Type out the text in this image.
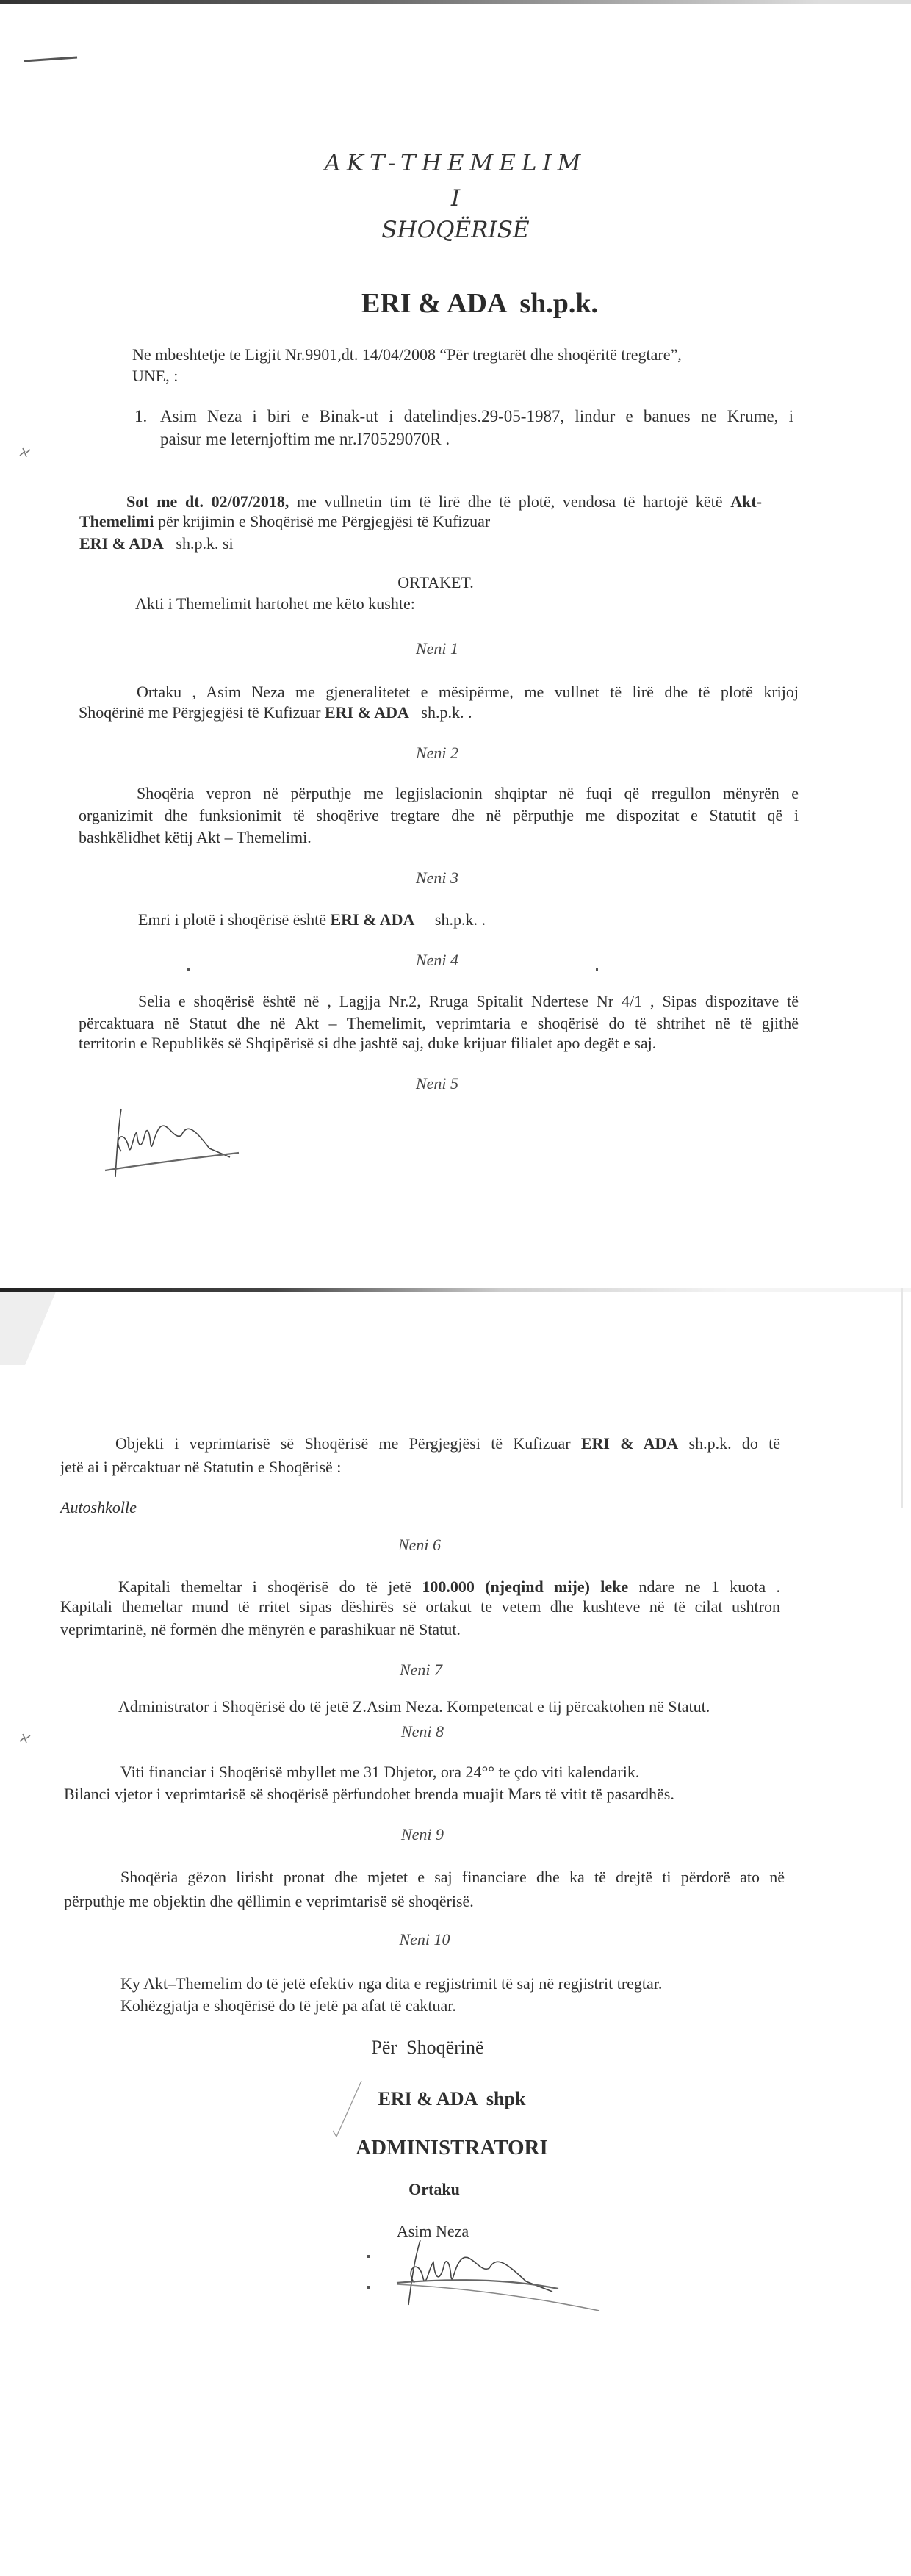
AKT-THEMELIM
I
SHOQËRISË
ERI & ADA  sh.p.k.
Ne mbeshtetje te Ligjit Nr.9901,dt. 14/04/2008 “Për tregtarët dhe shoqëritë tregtare”,
UNE, :
1. Asim Neza i biri e Binak-ut i datelindjes.29-05-1987, lindur e banues ne Krume, i
paisur me leternjoftim me nr.I70529070R .
Sot me dt. 02/07/2018, me vullnetin tim të lirë dhe të plotë, vendosa të hartojë këtë Akt-
Themelimi për krijimin e Shoqërisë me Përgjegjësi të Kufizuar
ERI & ADA   sh.p.k. si
ORTAKET.
Akti i Themelimit hartohet me këto kushte:
Neni 1
Ortaku , Asim Neza me gjeneralitetet e mësipërme, me vullnet të lirë dhe të plotë krijoj
Shoqërinë me Përgjegjësi të Kufizuar ERI & ADA   sh.p.k. .
Neni 2
Shoqëria vepron në përputhje me legjislacionin shqiptar në fuqi që rregullon mënyrën e
organizimit dhe funksionimit të shoqërive tregtare dhe në përputhje me dispozitat e Statutit që i
bashkëlidhet këtij Akt – Themelimi.
Neni 3
Emri i plotë i shoqërisë është ERI & ADA     sh.p.k. .
Neni 4
Selia e shoqërisë është në , Lagjja Nr.2, Rruga Spitalit Ndertese Nr 4/1 , Sipas dispozitave të
përcaktuara në Statut dhe në Akt – Themelimit, veprimtaria e shoqërisë do të shtrihet në të gjithë
territorin e Republikës së Shqipërisë si dhe jashtë saj, duke krijuar filialet apo degët e saj.
Neni 5
Objekti i veprimtarisë së Shoqërisë me Përgjegjësi të Kufizuar ERI & ADA sh.p.k. do të
jetë ai i përcaktuar në Statutin e Shoqërisë :
Autoshkolle
Neni 6
Kapitali themeltar i shoqërisë do të jetë 100.000 (njeqind mije) leke ndare ne 1 kuota .
Kapitali themeltar mund të rritet sipas dëshirës së ortakut te vetem dhe kushteve në të cilat ushtron
veprimtarinë, në formën dhe mënyrën e parashikuar në Statut.
Neni 7
Administrator i Shoqërisë do të jetë Z.Asim Neza. Kompetencat e tij përcaktohen në Statut.
Neni 8
Viti financiar i Shoqërisë mbyllet me 31 Dhjetor, ora 24°° te çdo viti kalendarik.
Bilanci vjetor i veprimtarisë së shoqërisë përfundohet brenda muajit Mars të vitit të pasardhës.
Neni 9
Shoqëria gëzon lirisht pronat dhe mjetet e saj financiare dhe ka të drejtë ti përdorë ato në
përputhje me objektin dhe qëllimin e veprimtarisë së shoqërisë.
Neni 10
Ky Akt–Themelim do të jetë efektiv nga dita e regjistrimit të saj në regjistrit tregtar.
Kohëzgjatja e shoqërisë do të jetë pa afat të caktuar.
Për  Shoqërinë
ERI & ADA  shpk
ADMINISTRATORI
Ortaku
Asim Neza
